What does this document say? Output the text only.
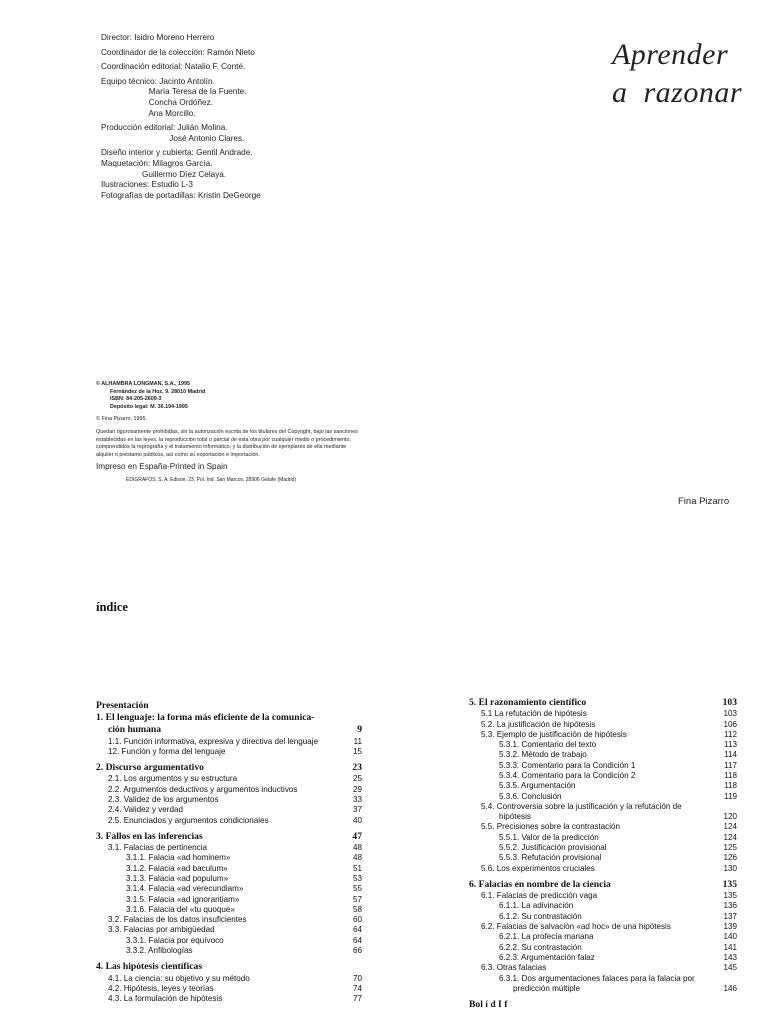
Director: Isidro Moreno Herrero
Coordinador de la colección: Ramón Nieto
Coordinación editorial: Natalio F. Conté.
Equipo técnico: Jacinto Antolín.
María Teresa de la Fuente.
Concha Ordóñez.
Ana Morcillo.
Producción editorial: Julián Molina.
José Antonio Clares.
Diseño interior y cubierta: Gentil Andrade.
Maquetación: Milagros García.
Guillermo Díez Celaya.
Ilustraciones: Estudio L-3
Fotografías de portadillas: Kristin DeGeorge
Aprender
a  razonar
© ALHAMBRA LONGMAN, S.A., 1995
Fernández de la Hoz, 9. 28010 Madrid
ISBN: 84-205-2609-3
Depósito legal: M. 36.194-1995
© Fina Pizarro, 1995.
Quedan rigurosamente prohibidas, sin la autorización escrita de los titulares del Copyright, bajo las sanciones establecidas en las leyes, la reproducción total o parcial de esta obra por cualquier medio o procedimiento, comprendidos la reprografía y el tratamiento informático, y la distribución de ejemplares de ella mediante alquiler o préstamo públicos, así como su exportación e importación.
Impreso en España-Printed in Spain
EDIGRAFOS. S. A. Edison. 23. Pol. Ind. San Marcos. 28906 Getafe (Madrid)
Fina Pizarro
índice
Presentación
1. El lenguaje: la forma más eficiente de la comunica-
ción humana	9
1.1. Función informativa, expresiva y directiva del lenguaje	11
12. Función y forma del lenguaje	15
2. Discurso argumentativo	23
2.1. Los argumentos y su estructura	25
2.2. Argumentos deductivos y argumentos inductivos	29
2.3. Validez de los argumentos	33
2.4. Validez y verdad	37
2.5. Enunciados y argumentos condicionales	40
3. Fallos en las inferencias	47
3.1. Falacias de pertinencia	48
3.1.1. Falacia «ad hominem»	48
3.1.2. Falacia «ad baculum»	51
3.1.3. Falacia «ad populum»	53
3.1.4. Falacia «ad verecundiam»	55
3.1.5. Falacia «ad ignorantiam»	57
3.1.6. Falacia del «tu quoque»	58
3.2. Falacias de los datos insuficientes	60
3.3. Falacias por ambigüedad	64
3.3.1. Falacia por equívoco	64
3.3.2. Anfibologías	66
4. Las hipótesis científicas
4.1. La ciencia: su objetivo y su método	70
4.2. Hipótesis, leyes y teorías	74
4.3. La formulación de hipótesis	77
5. El razonamiento científico	103
5.1 La refutación de hipótesis	103
5.2. La justificación de hipótesis	106
5.3. Ejemplo de justificación de hipótesis	112
5.3.1. Comentario del texto	113
5.3.2. Método de trabajo	114
5.3.3. Comentario para la Condición 1	117
5.3.4. Comentario para la Condición 2	118
5.3.5. Argumentación	118
5.3.6. Conclusión	119
5.4. Controversia sobre la justificación y la refutación de
hipótesis	120
5.5. Precisiones sobre la contrastación	124
5.5.1. Valor de la predicción	124
5.5.2. Justificación provisional	125
5.5.3. Refutación provisional	126
5.6. Los experimentos cruciales	130
6. Falacias en nombre de la ciencia	135
6.1. Falacias de predicción vaga	135
6.1.1. La adivinación	136
6.1.2. Su contrastación	137
6.2. Falacias de salvación «ad hoc» de una hipótesis	139
6.2.1. La profecía mariana	140
6.2.2. Su contrastación	141
6.2.3. Argumentación falaz	143
6.3. Otras falacias	145
6.3.1. Dos argumentaciones falaces para la falacia por
predicción múltiple	146
Bol í d I f
